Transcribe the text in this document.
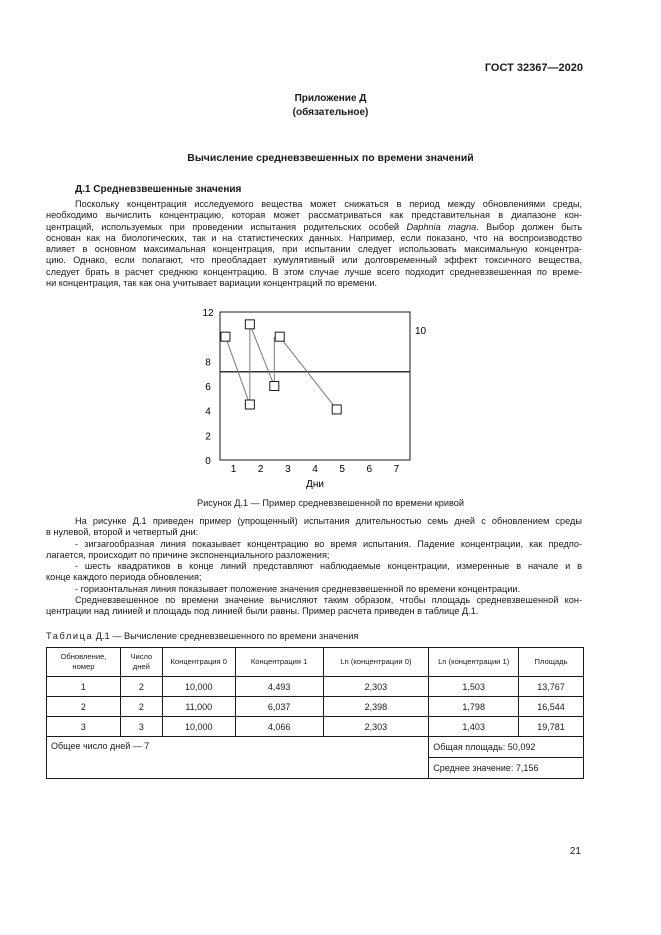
ГОСТ 32367—2020
Приложение Д
(обязательное)
Вычисление средневзвешенных по времени значений
Д.1 Средневзвешенные значения

Поскольку концентрация исследуемого вещества может снижаться в период между обновлениями среды,
необходимо вычислить концентрацию, которая может рассматриваться как представительная в диапазоне кон-
центраций, используемых при проведении испытания родительских особей Daphnia magna. Выбор должен быть
основан как на биологических, так и на статистических данных. Например, если показано, что на воспроизводство
влияет в основном максимальная концентрация, при испытании следует использовать максимальную концентра-
цию. Однако, если полагают, что преобладает кумулятивный или долговременный эффект токсичного вещества,
следует брать в расчет среднюю концентрацию. В этом случае лучше всего подходит средневзвешенная по време-
ни концентрация, так как она учитывает вариации концентраций по времени.

0
2
4
6
8
12
1 2 3 4 5 6 7
10
Дни
Рисунок Д.1 — Пример средневзвешенной по времени кривой
На рисунке Д.1 приведен пример (упрощенный) испытания длительностью семь дней с обновлением среды
в нулевой, второй и четвертый дни:
- зигзагообразная линия показывает концентрацию во время испытания. Падение концентрации, как предпо-
лагается, происходит по причине экспоненциального разложения;
- шесть квадратиков в конце линий представляют наблюдаемые концентрации, измеренные в начале и в
конце каждого периода обновления;
- горизонтальная линия показывает положение значения средневзвешенной по времени концентрации.
Средневзвешенное по времени значение вычисляют таким образом, чтобы площадь средневзвешенной кон-
центрации над линией и площадь под линией были равны. Пример расчета приведен в таблице Д.1.
Таблица Д.1 — Вычисление средневзвешенного по времени значения
Обновление, номер	Число дней	Концентрация 0	Концентрация 1	Ln (концентрации 0)	Ln (концентрации 1)	Площадь
1	2	10,000	4,493	2,303	1,503	13,767
2	2	11,000	6,037	2,398	1,798	16,544
3	3	10,000	4,066	2,303	1,403	19,781
Общее число дней — 7					Общая площадь: 50,092	
					Среднее значение: 7,156	
21
